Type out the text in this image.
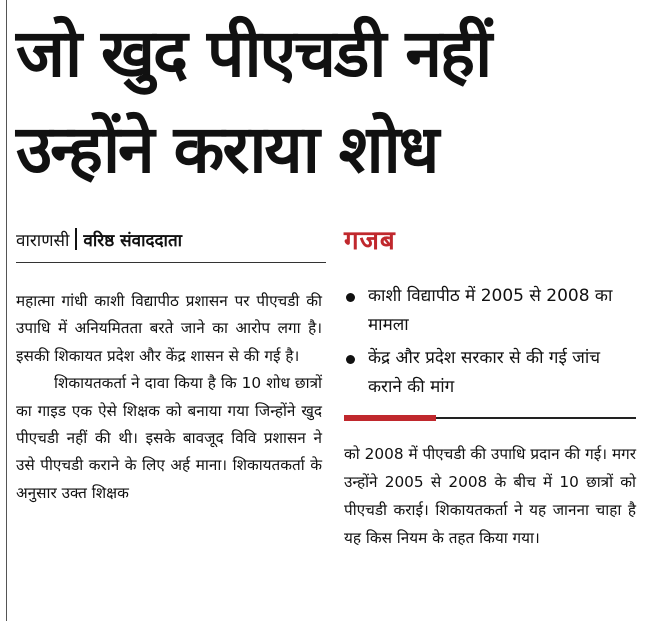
जो खुद पीएचडी नहीं
उन्होंने कराया शोध
वाराणसी वरिष्ठ संवाददाता

महात्मा गांधी काशी विद्यापीठ प्रशासन पर पीएचडी की उपाधि में अनियमितता बरते जाने का आरोप लगा है। इसकी शिकायत प्रदेश और केंद्र शासन से की गई है।

शिकायतकर्ता ने दावा किया है कि 10 शोध छात्रों का गाइड एक ऐसे शिक्षक को बनाया गया जिन्होंने खुद पीएचडी नहीं की थी। इसके बावजूद विवि प्रशासन ने उसे पीएचडी कराने के लिए अर्ह माना। शिकायतकर्ता के अनुसार उक्त शिक्षक

गजब
काशी विद्यापीठ में 2005 से 2008 का मामला
केंद्र और प्रदेश सरकार से की गई जांच कराने की मांग

को 2008 में पीएचडी की उपाधि प्रदान की गई। मगर उन्होंने 2005 से 2008 के बीच में 10 छात्रों को पीएचडी कराई। शिकायतकर्ता ने यह जानना चाहा है यह किस नियम के तहत किया गया।
